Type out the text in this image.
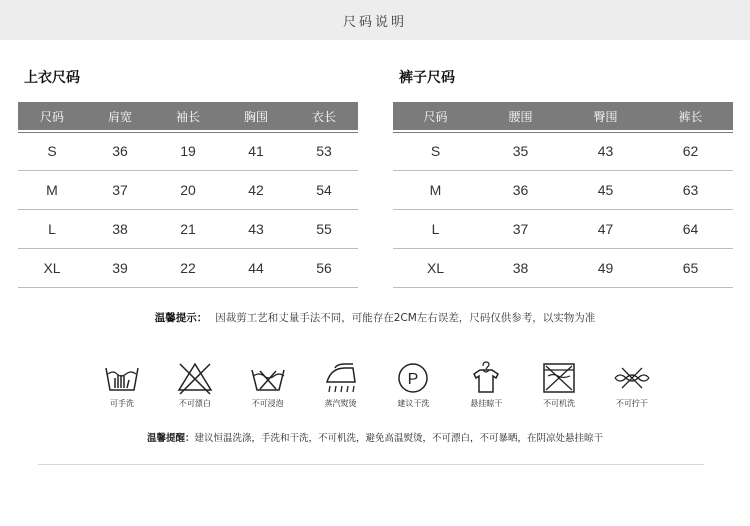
尺码说明
上衣尺码	裤子尺码
尺码	肩宽	袖长	胸围	衣长
S	36	19	41	53
M	37	20	42	54
L	38	21	43	55
XL	39	22	44	56
尺码	腰围	臀围	裤长
S	35	43	62
M	36	45	63
L	37	47	64
XL	38	49	65
温馨提示： 因裁剪工艺和丈量手法不同，可能存在2CM左右误差，尺码仅供参考，以实物为准
可手洗	不可漂白	不可浸泡	蒸汽熨烫
P
建议干洗	悬挂晾干	不可机洗	不可拧干
温馨提醒：建议恒温洗涤，手洗和干洗，不可机洗，避免高温熨烫，不可漂白，不可暴晒，在阴凉处悬挂晾干
